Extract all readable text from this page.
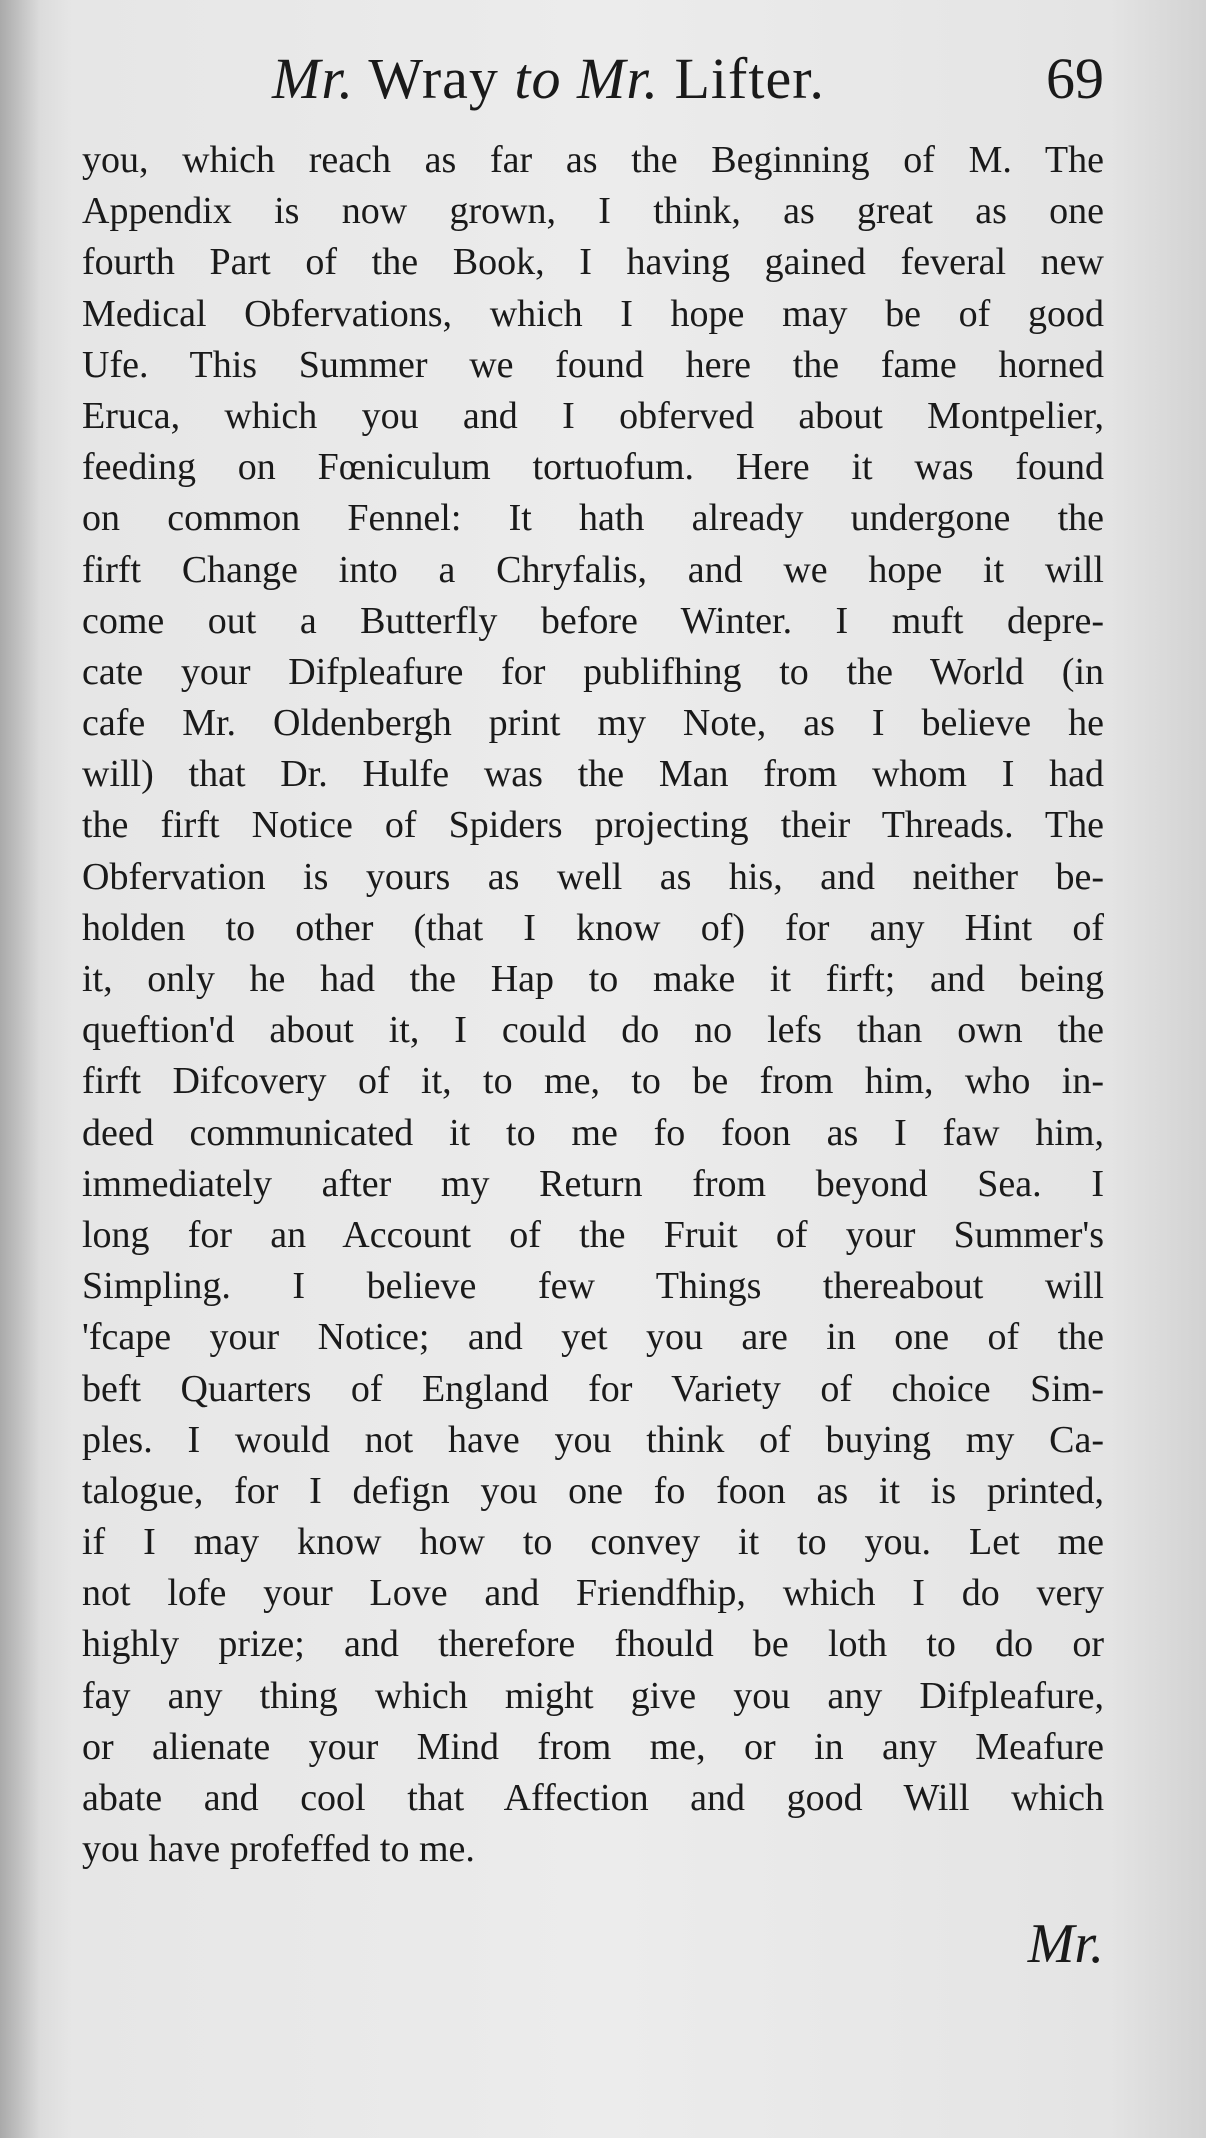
Mr. Wray to Mr. Lifter.	69
you, which reach as far as the Beginning of M. The
Appendix is now grown, I think, as great as one
fourth Part of the Book, I having gained feveral new
Medical Obfervations, which I hope may be of good
Ufe. This Summer we found here the fame horned
Eruca, which you and I obferved about Montpelier,
feeding on Fœniculum tortuofum. Here it was found
on common Fennel: It hath already undergone the
firft Change into a Chryfalis, and we hope it will
come out a Butterfly before Winter. I muft depre-
cate your Difpleafure for publifhing to the World (in
cafe Mr. Oldenbergh print my Note, as I believe he
will) that Dr. Hulfe was the Man from whom I had
the firft Notice of Spiders projecting their Threads. The
Obfervation is yours as well as his, and neither be-
holden to other (that I know of) for any Hint of
it, only he had the Hap to make it firft; and being
queftion'd about it, I could do no lefs than own the
firft Difcovery of it, to me, to be from him, who in-
deed communicated it to me fo foon as I faw him,
immediately after my Return from beyond Sea. I
long for an Account of the Fruit of your Summer's
Simpling. I believe few Things thereabout will
'fcape your Notice; and yet you are in one of the
beft Quarters of England for Variety of choice Sim-
ples. I would not have you think of buying my Ca-
talogue, for I defign you one fo foon as it is printed,
if I may know how to convey it to you. Let me
not lofe your Love and Friendfhip, which I do very
highly prize; and therefore fhould be loth to do or
fay any thing which might give you any Difpleafure,
or alienate your Mind from me, or in any Meafure
abate and cool that Affection and good Will which
you have profeffed to me.
Mr.
